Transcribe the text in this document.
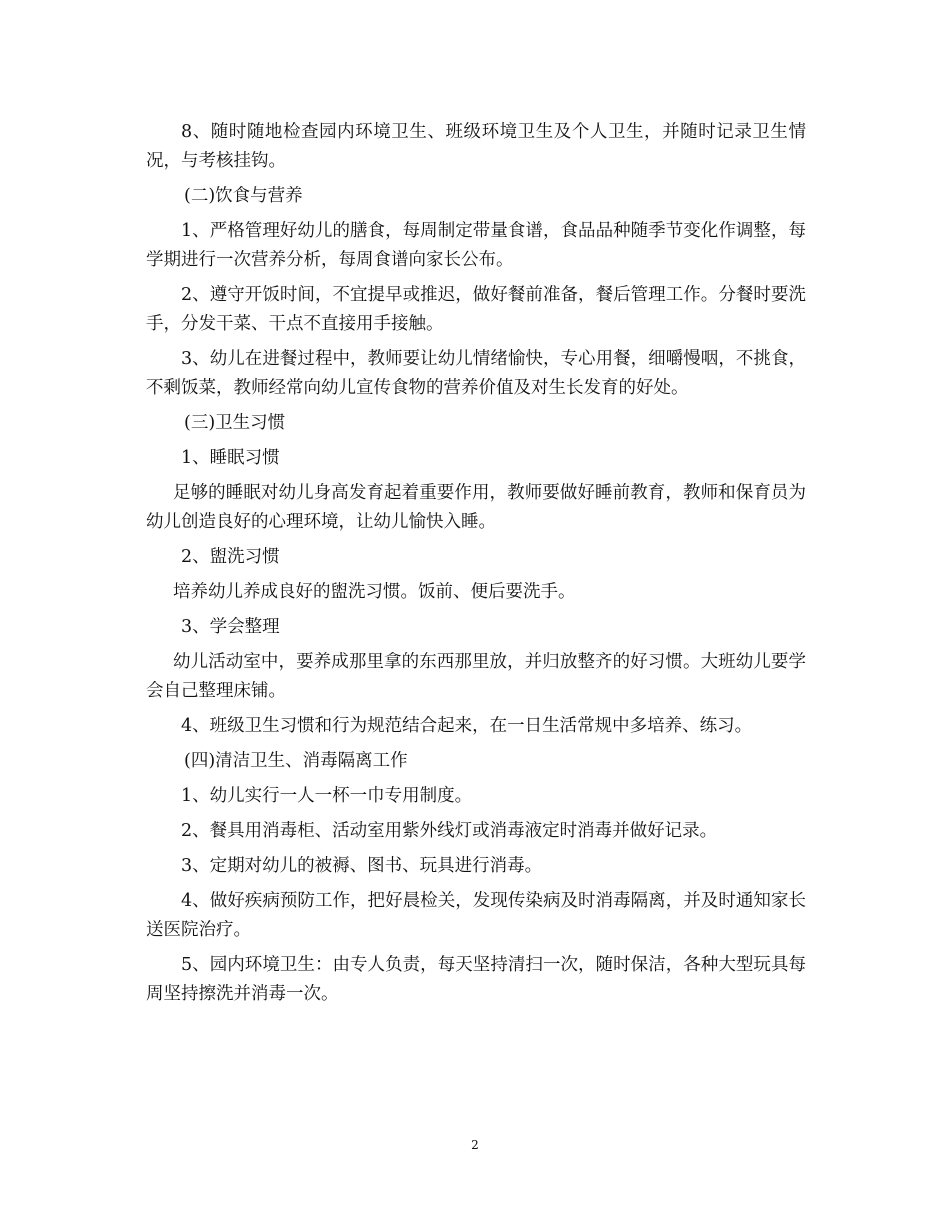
8、随时随地检查园内环境卫生、班级环境卫生及个人卫生，并随时记录卫生情况，与考核挂钩。

(二)饮食与营养

1、严格管理好幼儿的膳食，每周制定带量食谱，食品品种随季节变化作调整，每学期进行一次营养分析，每周食谱向家长公布。

2、遵守开饭时间，不宜提早或推迟，做好餐前准备，餐后管理工作。分餐时要洗手，分发干菜、干点不直接用手接触。

3、幼儿在进餐过程中，教师要让幼儿情绪愉快，专心用餐，细嚼慢咽，不挑食，不剩饭菜，教师经常向幼儿宣传食物的营养价值及对生长发育的好处。

(三)卫生习惯

1、睡眠习惯

足够的睡眠对幼儿身高发育起着重要作用，教师要做好睡前教育，教师和保育员为幼儿创造良好的心理环境，让幼儿愉快入睡。

2、盥洗习惯

培养幼儿养成良好的盥洗习惯。饭前、便后要洗手。

3、学会整理

幼儿活动室中，要养成那里拿的东西那里放，并归放整齐的好习惯。大班幼儿要学会自己整理床铺。

4、班级卫生习惯和行为规范结合起来，在一日生活常规中多培养、练习。

(四)清洁卫生、消毒隔离工作

1、幼儿实行一人一杯一巾专用制度。

2、餐具用消毒柜、活动室用紫外线灯或消毒液定时消毒并做好记录。

3、定期对幼儿的被褥、图书、玩具进行消毒。

4、做好疾病预防工作，把好晨检关，发现传染病及时消毒隔离，并及时通知家长送医院治疗。

5、园内环境卫生：由专人负责，每天坚持清扫一次，随时保洁，各种大型玩具每周坚持擦洗并消毒一次。

2
